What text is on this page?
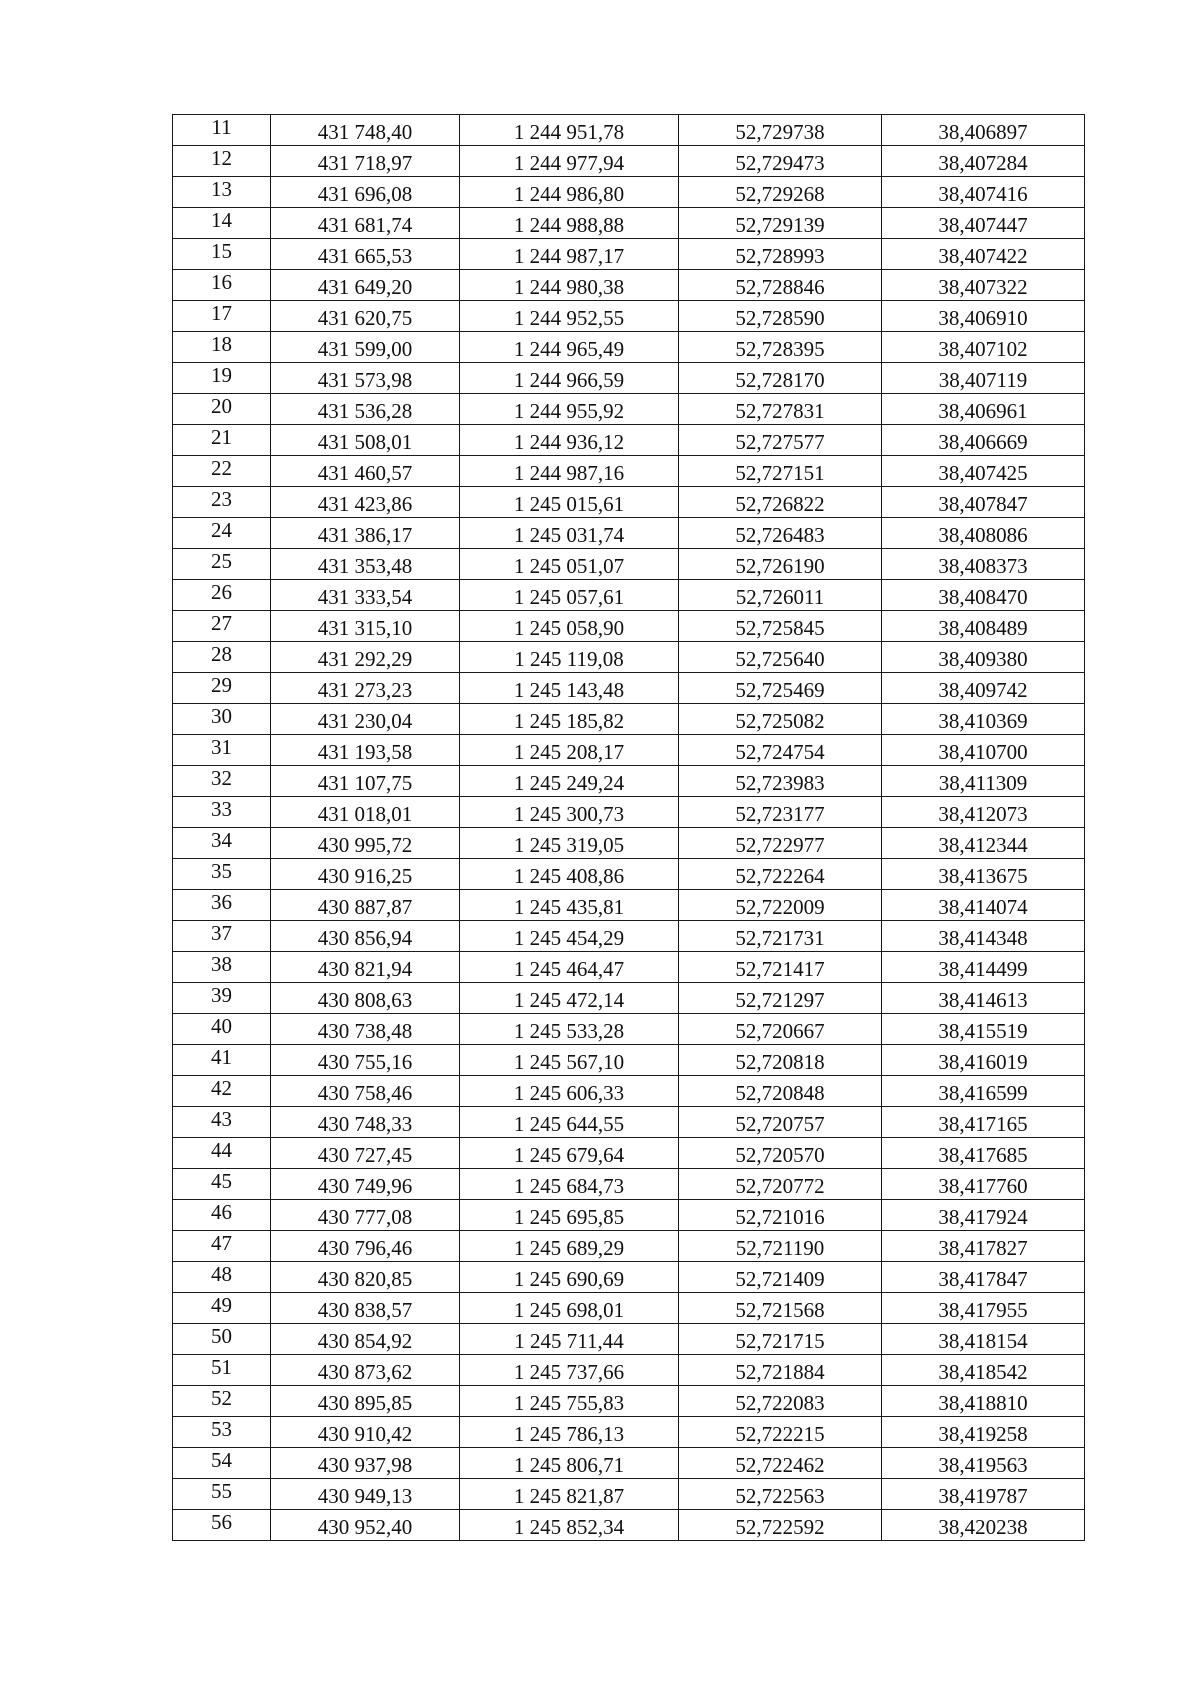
11	431 748,40	1 244 951,78	52,729738	38,406897
12	431 718,97	1 244 977,94	52,729473	38,407284
13	431 696,08	1 244 986,80	52,729268	38,407416
14	431 681,74	1 244 988,88	52,729139	38,407447
15	431 665,53	1 244 987,17	52,728993	38,407422
16	431 649,20	1 244 980,38	52,728846	38,407322
17	431 620,75	1 244 952,55	52,728590	38,406910
18	431 599,00	1 244 965,49	52,728395	38,407102
19	431 573,98	1 244 966,59	52,728170	38,407119
20	431 536,28	1 244 955,92	52,727831	38,406961
21	431 508,01	1 244 936,12	52,727577	38,406669
22	431 460,57	1 244 987,16	52,727151	38,407425
23	431 423,86	1 245 015,61	52,726822	38,407847
24	431 386,17	1 245 031,74	52,726483	38,408086
25	431 353,48	1 245 051,07	52,726190	38,408373
26	431 333,54	1 245 057,61	52,726011	38,408470
27	431 315,10	1 245 058,90	52,725845	38,408489
28	431 292,29	1 245 119,08	52,725640	38,409380
29	431 273,23	1 245 143,48	52,725469	38,409742
30	431 230,04	1 245 185,82	52,725082	38,410369
31	431 193,58	1 245 208,17	52,724754	38,410700
32	431 107,75	1 245 249,24	52,723983	38,411309
33	431 018,01	1 245 300,73	52,723177	38,412073
34	430 995,72	1 245 319,05	52,722977	38,412344
35	430 916,25	1 245 408,86	52,722264	38,413675
36	430 887,87	1 245 435,81	52,722009	38,414074
37	430 856,94	1 245 454,29	52,721731	38,414348
38	430 821,94	1 245 464,47	52,721417	38,414499
39	430 808,63	1 245 472,14	52,721297	38,414613
40	430 738,48	1 245 533,28	52,720667	38,415519
41	430 755,16	1 245 567,10	52,720818	38,416019
42	430 758,46	1 245 606,33	52,720848	38,416599
43	430 748,33	1 245 644,55	52,720757	38,417165
44	430 727,45	1 245 679,64	52,720570	38,417685
45	430 749,96	1 245 684,73	52,720772	38,417760
46	430 777,08	1 245 695,85	52,721016	38,417924
47	430 796,46	1 245 689,29	52,721190	38,417827
48	430 820,85	1 245 690,69	52,721409	38,417847
49	430 838,57	1 245 698,01	52,721568	38,417955
50	430 854,92	1 245 711,44	52,721715	38,418154
51	430 873,62	1 245 737,66	52,721884	38,418542
52	430 895,85	1 245 755,83	52,722083	38,418810
53	430 910,42	1 245 786,13	52,722215	38,419258
54	430 937,98	1 245 806,71	52,722462	38,419563
55	430 949,13	1 245 821,87	52,722563	38,419787
56	430 952,40	1 245 852,34	52,722592	38,420238
